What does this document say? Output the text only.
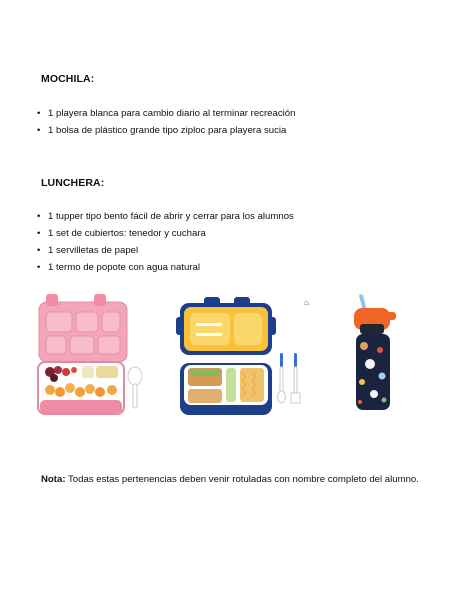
MOCHILA:
• 1 playera blanca para cambio diario al terminar recreación
• 1 bolsa de plástico grande tipo ziploc para playera sucia
LUNCHERA:
• 1 tupper tipo bento fácil de abrir y cerrar para los alumnos
• 1 set de cubiertos: tenedor y cuchara
• 1 servilletas de papel
• 1 termo de popote con agua natural
⌂
Nota: Todas estas pertenencias deben venir rotuladas con nombre completo del alumno.
